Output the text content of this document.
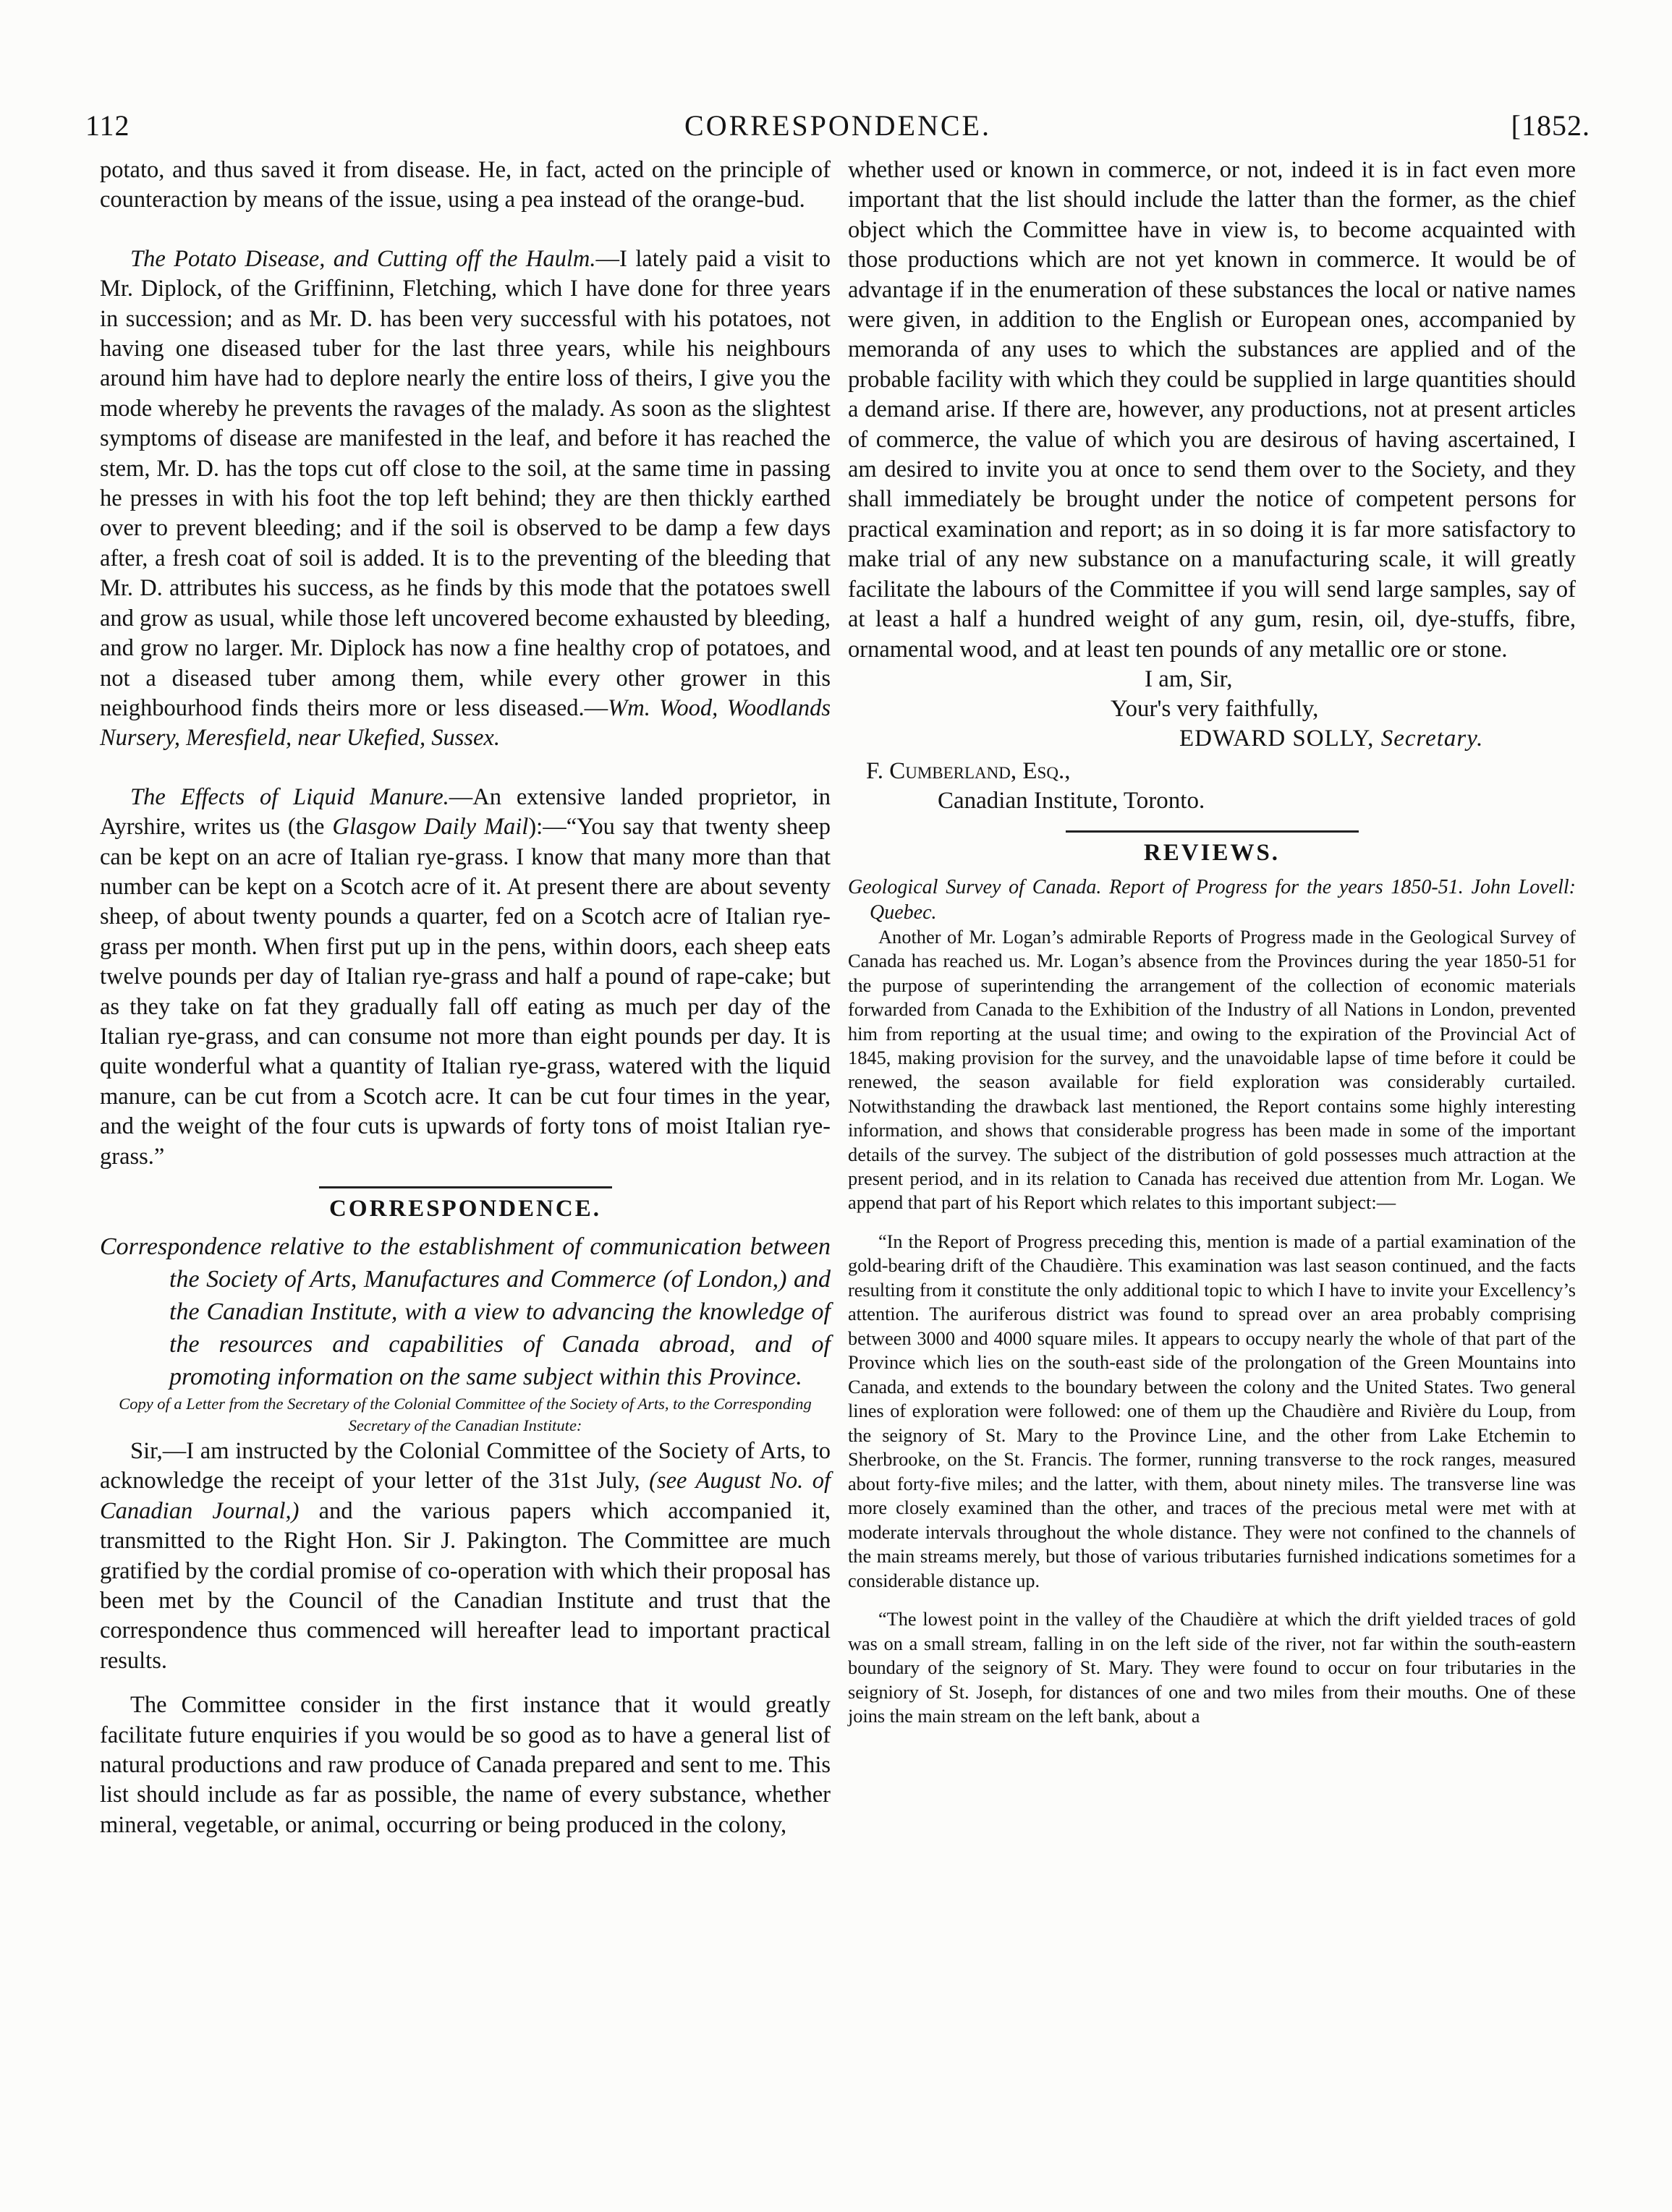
112	CORRESPONDENCE.	[1852.

potato, and thus saved it from disease. He, in fact, acted on the principle of counteraction by means of the issue, using a pea instead of the orange-bud.

The Potato Disease, and Cutting off the Haulm.—I lately paid a visit to Mr. Diplock, of the Griffininn, Fletching, which I have done for three years in succession; and as Mr. D. has been very successful with his potatoes, not having one diseased tuber for the last three years, while his neighbours around him have had to deplore nearly the entire loss of theirs, I give you the mode whereby he prevents the ravages of the malady. As soon as the slightest symptoms of disease are manifested in the leaf, and before it has reached the stem, Mr. D. has the tops cut off close to the soil, at the same time in passing he presses in with his foot the top left behind; they are then thickly earthed over to prevent bleeding; and if the soil is observed to be damp a few days after, a fresh coat of soil is added. It is to the preventing of the bleeding that Mr. D. attributes his success, as he finds by this mode that the potatoes swell and grow as usual, while those left uncovered become exhausted by bleeding, and grow no larger. Mr. Diplock has now a fine healthy crop of potatoes, and not a diseased tuber among them, while every other grower in this neighbourhood finds theirs more or less diseased.—Wm. Wood, Woodlands Nursery, Meresfield, near Ukefied, Sussex.

The Effects of Liquid Manure.—An extensive landed proprietor, in Ayrshire, writes us (the Glasgow Daily Mail):—“You say that twenty sheep can be kept on an acre of Italian rye-grass. I know that many more than that number can be kept on a Scotch acre of it. At present there are about seventy sheep, of about twenty pounds a quarter, fed on a Scotch acre of Italian rye-grass per month. When first put up in the pens, within doors, each sheep eats twelve pounds per day of Italian rye-grass and half a pound of rape-cake; but as they take on fat they gradually fall off eating as much per day of the Italian rye-grass, and can consume not more than eight pounds per day. It is quite wonderful what a quantity of Italian rye-grass, watered with the liquid manure, can be cut from a Scotch acre. It can be cut four times in the year, and the weight of the four cuts is upwards of forty tons of moist Italian rye-grass.”

CORRESPONDENCE.

Correspondence relative to the establishment of communication between the Society of Arts, Manufactures and Commerce (of London,) and the Canadian Institute, with a view to advancing the knowledge of the resources and capabilities of Canada abroad, and of promoting information on the same subject within this Province.

Copy of a Letter from the Secretary of the Colonial Committee of the Society of Arts, to the Corresponding Secretary of the Canadian Institute:

Sir,—I am instructed by the Colonial Committee of the Society of Arts, to acknowledge the receipt of your letter of the 31st July, (see August No. of Canadian Journal,) and the various papers which accompanied it, transmitted to the Right Hon. Sir J. Pakington. The Committee are much gratified by the cordial promise of co-operation with which their proposal has been met by the Council of the Canadian Institute and trust that the correspondence thus commenced will hereafter lead to important practical results.

The Committee consider in the first instance that it would greatly facilitate future enquiries if you would be so good as to have a general list of natural productions and raw produce of Canada prepared and sent to me. This list should include as far as possible, the name of every substance, whether mineral, vegetable, or animal, occurring or being produced in the colony,

whether used or known in commerce, or not, indeed it is in fact even more important that the list should include the latter than the former, as the chief object which the Committee have in view is, to become acquainted with those productions which are not yet known in commerce. It would be of advantage if in the enumeration of these substances the local or native names were given, in addition to the English or European ones, accompanied by memoranda of any uses to which the substances are applied and of the probable facility with which they could be supplied in large quantities should a demand arise. If there are, however, any productions, not at present articles of commerce, the value of which you are desirous of having ascertained, I am desired to invite you at once to send them over to the Society, and they shall immediately be brought under the notice of competent persons for practical examination and report; as in so doing it is far more satisfactory to make trial of any new substance on a manufacturing scale, it will greatly facilitate the labours of the Committee if you will send large samples, say of at least a half a hundred weight of any gum, resin, oil, dye-stuffs, fibre, ornamental wood, and at least ten pounds of any metallic ore or stone.

I am, Sir,
Your's very faithfully,
EDWARD SOLLY, Secretary.
F. Cumberland, Esq.,
Canadian Institute, Toronto.
REVIEWS.

Geological Survey of Canada. Report of Progress for the years 1850-51. John Lovell: Quebec.

Another of Mr. Logan’s admirable Reports of Progress made in the Geological Survey of Canada has reached us. Mr. Logan’s absence from the Provinces during the year 1850-51 for the purpose of superintending the arrangement of the collection of economic materials forwarded from Canada to the Exhibition of the Industry of all Nations in London, prevented him from reporting at the usual time; and owing to the expiration of the Provincial Act of 1845, making provision for the survey, and the unavoidable lapse of time before it could be renewed, the season available for field exploration was considerably curtailed. Notwithstanding the drawback last mentioned, the Report contains some highly interesting information, and shows that considerable progress has been made in some of the important details of the survey. The subject of the distribution of gold possesses much attraction at the present period, and in its relation to Canada has received due attention from Mr. Logan. We append that part of his Report which relates to this important subject:—

“In the Report of Progress preceding this, mention is made of a partial examination of the gold-bearing drift of the Chaudière. This examination was last season continued, and the facts resulting from it constitute the only additional topic to which I have to invite your Excellency’s attention. The auriferous district was found to spread over an area probably comprising between 3000 and 4000 square miles. It appears to occupy nearly the whole of that part of the Province which lies on the south-east side of the prolongation of the Green Mountains into Canada, and extends to the boundary between the colony and the United States. Two general lines of exploration were followed: one of them up the Chaudière and Rivière du Loup, from the seignory of St. Mary to the Province Line, and the other from Lake Etchemin to Sherbrooke, on the St. Francis. The former, running transverse to the rock ranges, measured about forty-five miles; and the latter, with them, about ninety miles. The transverse line was more closely examined than the other, and traces of the precious metal were met with at moderate intervals throughout the whole distance. They were not confined to the channels of the main streams merely, but those of various tributaries furnished indications sometimes for a considerable distance up.

“The lowest point in the valley of the Chaudière at which the drift yielded traces of gold was on a small stream, falling in on the left side of the river, not far within the south-eastern boundary of the seignory of St. Mary. They were found to occur on four tributaries in the seigniory of St. Joseph, for distances of one and two miles from their mouths. One of these joins the main stream on the left bank, about a
